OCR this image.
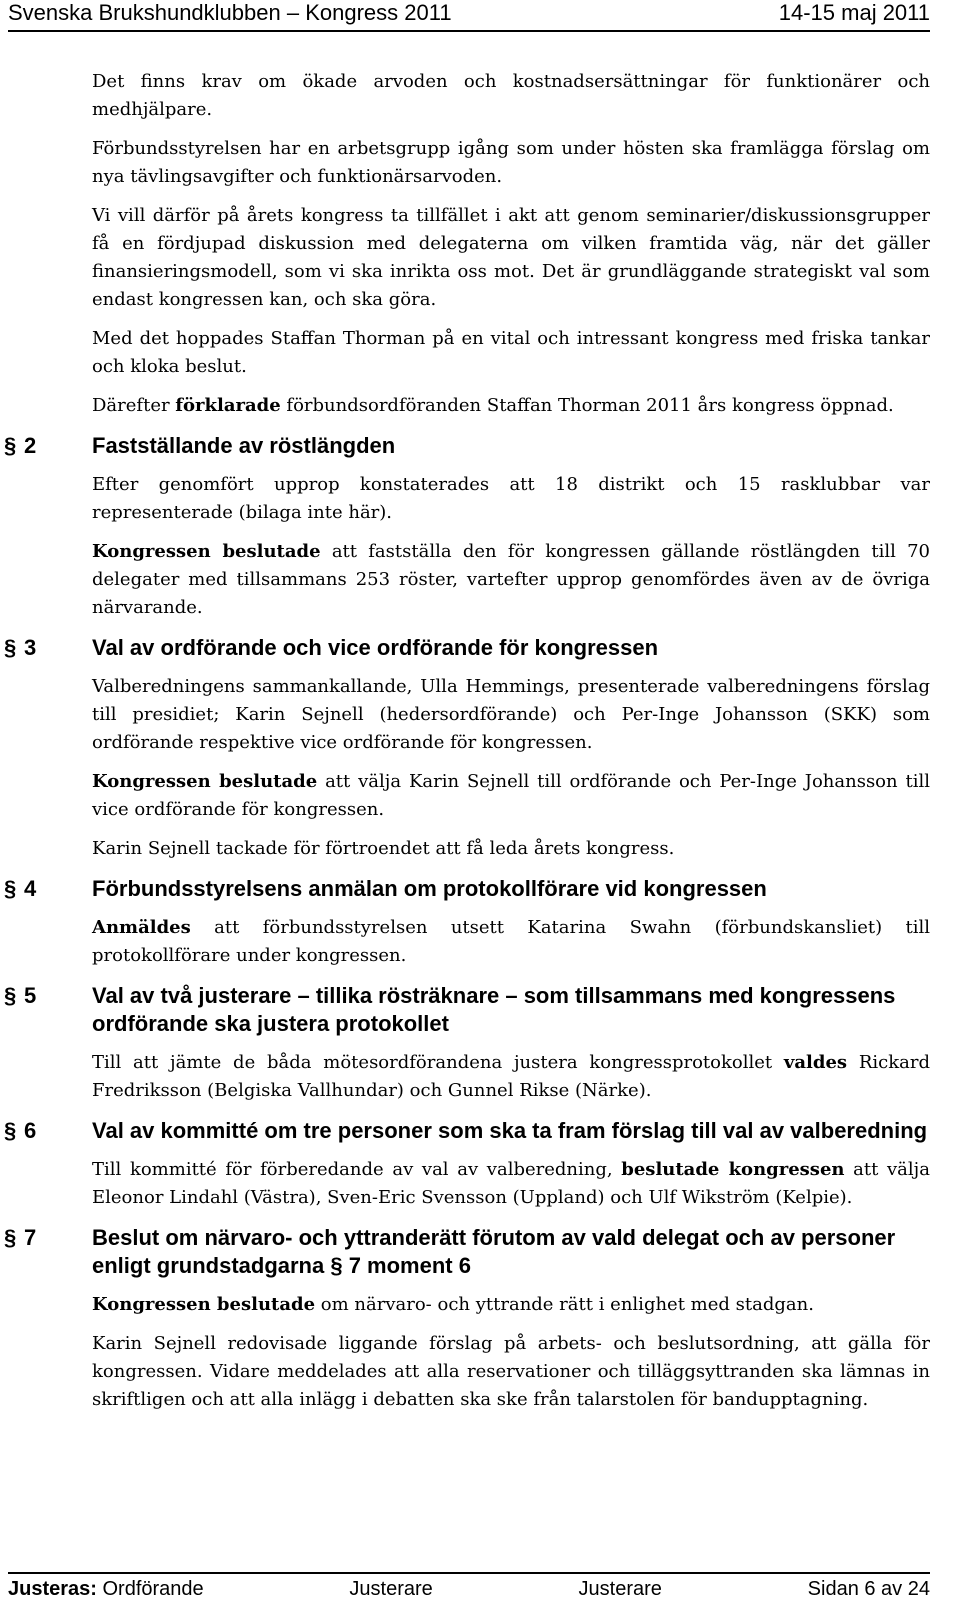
Svenska Brukshundklubben – Kongress 2011	14-15 maj 2011

Det finns krav om ökade arvoden och kostnadsersättningar för funktionärer och medhjälpare.

Förbundsstyrelsen har en arbetsgrupp igång som under hösten ska framlägga förslag om nya tävlingsavgifter och funktionärsarvoden.

Vi vill därför på årets kongress ta tillfället i akt att genom seminarier/diskussionsgrupper få en fördjupad diskussion med delegaterna om vilken framtida väg, när det gäller finansieringsmodell, som vi ska inrikta oss mot. Det är grundläggande strategiskt val som endast kongressen kan, och ska göra.

Med det hoppades Staffan Thorman på en vital och intressant kongress med friska tankar och kloka beslut.

Därefter förklarade förbundsordföranden Staffan Thorman 2011 års kongress öppnad.

§ 2	Fastställande av röstlängden

Efter genomfört upprop konstaterades att 18 distrikt och 15 rasklubbar var representerade (bilaga inte här).

Kongressen beslutade att fastställa den för kongressen gällande röstlängden till 70 delegater med tillsammans 253 röster, vartefter upprop genomfördes även av de övriga närvarande.

§ 3	Val av ordförande och vice ordförande för kongressen

Valberedningens sammankallande, Ulla Hemmings, presenterade valberedningens förslag till presidiet; Karin Sejnell (hedersordförande) och Per-Inge Johansson (SKK) som ordförande respektive vice ordförande för kongressen.

Kongressen beslutade att välja Karin Sejnell till ordförande och Per-Inge Johansson till vice ordförande för kongressen.

Karin Sejnell tackade för förtroendet att få leda årets kongress.

§ 4	Förbundsstyrelsens anmälan om protokollförare vid kongressen

Anmäldes att förbundsstyrelsen utsett Katarina Swahn (förbundskansliet) till protokollförare under kongressen.

§ 5	Val av två justerare – tillika rösträknare – som tillsammans med kongressens ordförande ska justera protokollet

Till att jämte de båda mötesordförandena justera kongressprotokollet valdes Rickard Fredriksson (Belgiska Vallhundar) och Gunnel Rikse (Närke).

§ 6	Val av kommitté om tre personer som ska ta fram förslag till val av valberedning

Till kommitté för förberedande av val av valberedning, beslutade kongressen att välja Eleonor Lindahl (Västra), Sven-Eric Svensson (Uppland) och Ulf Wikström (Kelpie).

§ 7	Beslut om närvaro- och yttranderätt förutom av vald delegat och av personer enligt grundstadgarna § 7 moment 6

Kongressen beslutade om närvaro- och yttrande rätt i enlighet med stadgan.

Karin Sejnell redovisade liggande förslag på arbets- och beslutsordning, att gälla för kongressen. Vidare meddelades att alla reservationer och tilläggsyttranden ska lämnas in skriftligen och att alla inlägg i debatten ska ske från talarstolen för bandupptagning.

Justeras: Ordförande	Justerare	Justerare	Sidan 6 av 24
